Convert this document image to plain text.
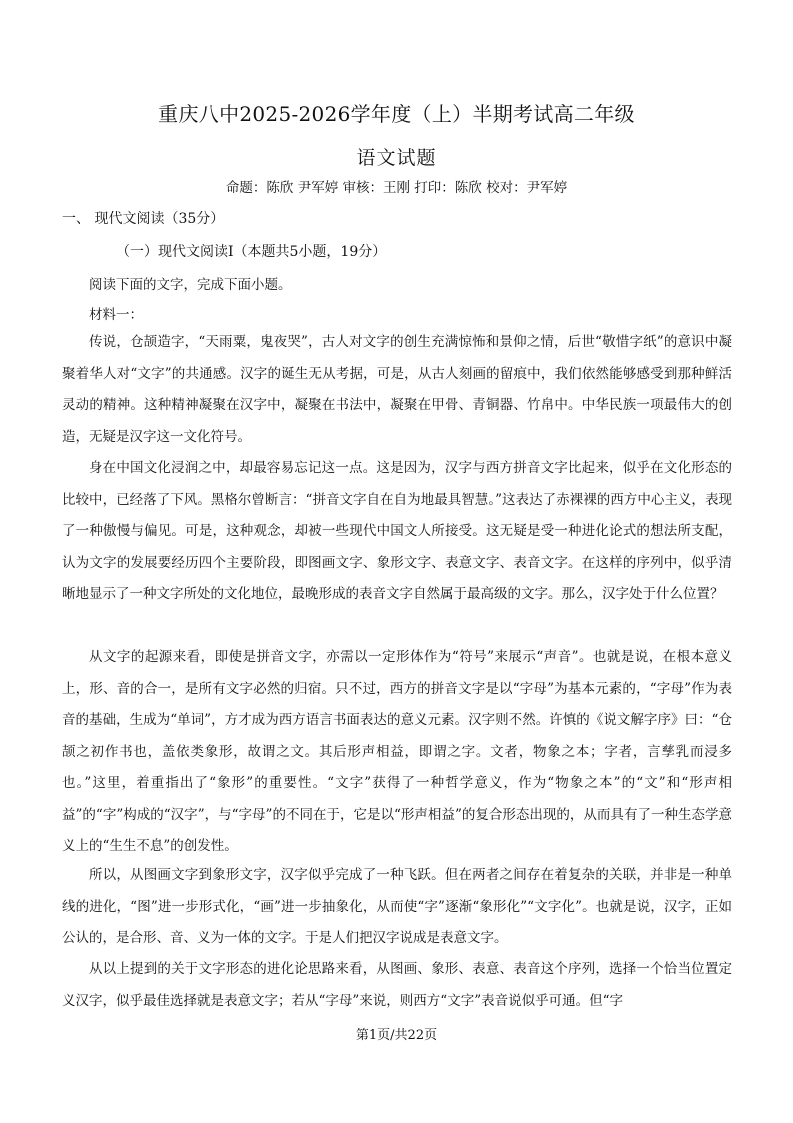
重庆八中2025-2026学年度（上）半期考试高二年级
语文试题
命题：陈欣 尹军婷 审核：王刚 打印：陈欣 校对：尹军婷
一、 现代文阅读（35分）
（一）现代文阅读Ⅰ（本题共5小题，19分）
阅读下面的文字，完成下面小题。
材料一：

传说，仓颉造字，“天雨粟，鬼夜哭”，古人对文字的创生充满惊怖和景仰之情，后世“敬惜字纸”的意识中凝聚着华人对“文字”的共通感。汉字的诞生无从考据，可是，从古人刻画的留痕中，我们依然能够感受到那种鲜活灵动的精神。这种精神凝聚在汉字中，凝聚在书法中，凝聚在甲骨、青铜器、竹帛中。中华民族一项最伟大的创造，无疑是汉字这一文化符号。

身在中国文化浸润之中，却最容易忘记这一点。这是因为，汉字与西方拼音文字比起来，似乎在文化形态的比较中，已经落了下风。黑格尔曾断言：“拼音文字自在自为地最具智慧。”这表达了赤裸裸的西方中心主义，表现了一种傲慢与偏见。可是，这种观念，却被一些现代中国文人所接受。这无疑是受一种进化论式的想法所支配，认为文字的发展要经历四个主要阶段，即图画文字、象形文字、表意文字、表音文字。在这样的序列中，似乎清晰地显示了一种文字所处的文化地位，最晚形成的表音文字自然属于最高级的文字。那么，汉字处于什么位置？

从文字的起源来看，即使是拼音文字，亦需以一定形体作为“符号”来展示“声音”。也就是说，在根本意义上，形、音的合一，是所有文字必然的归宿。只不过，西方的拼音文字是以“字母”为基本元素的，“字母”作为表音的基础，生成为“单词”，方才成为西方语言书面表达的意义元素。汉字则不然。许慎的《说文解字序》曰：“仓颉之初作书也，盖依类象形，故谓之文。其后形声相益，即谓之字。文者，物象之本；字者，言孳乳而浸多也。”这里，着重指出了“象形”的重要性。“文字”获得了一种哲学意义，作为“物象之本”的“文”和“形声相益”的“字”构成的“汉字”，与“字母”的不同在于，它是以“形声相益”的复合形态出现的，从而具有了一种生态学意义上的“生生不息”的创发性。

所以，从图画文字到象形文字，汉字似乎完成了一种飞跃。但在两者之间存在着复杂的关联，并非是一种单线的进化，“图”进一步形式化，“画”进一步抽象化，从而使“字”逐渐“象形化”“文字化”。也就是说，汉字，正如公认的，是合形、音、义为一体的文字。于是人们把汉字说成是表意文字。

从以上提到的关于文字形态的进化论思路来看，从图画、象形、表意、表音这个序列，选择一个恰当位置定义汉字，似乎最佳选择就是表意文字；若从“字母”来说，则西方“文字”表音说似乎可通。但“字

第1页/共22页
